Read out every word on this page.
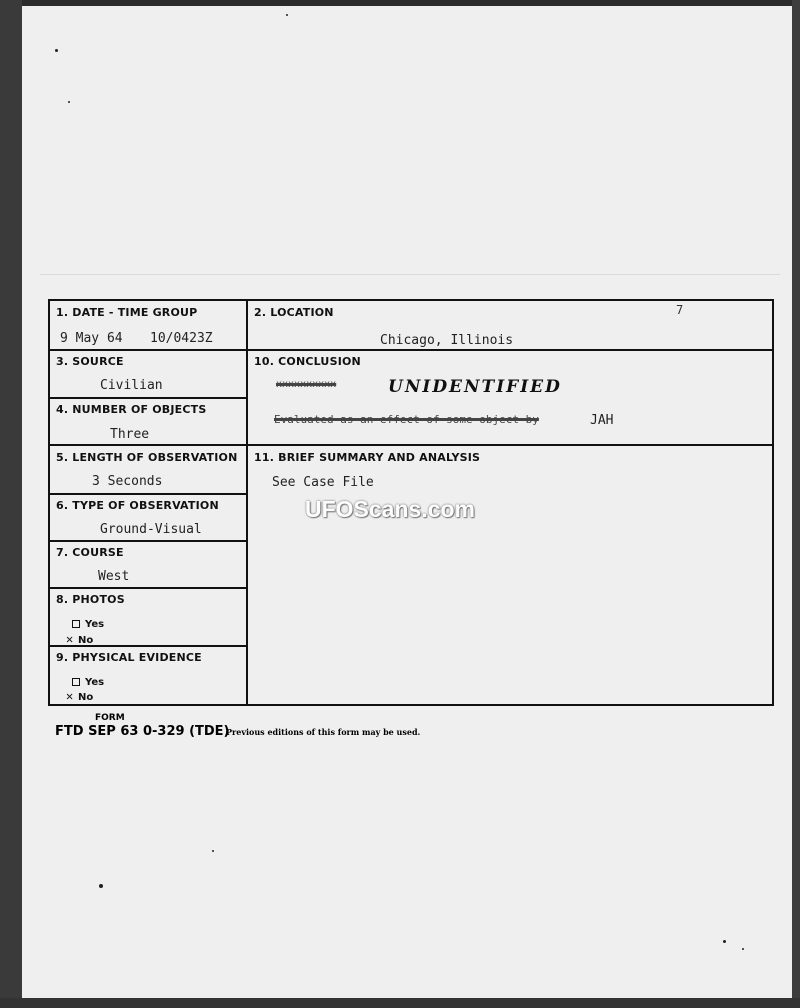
1. DATE - TIME GROUP
9 May 64 10/0423Z
2. LOCATION
Chicago, Illinois
3. SOURCE
Civilian
4. NUMBER OF OBJECTS
Three
10. CONCLUSION
xxxxxxxxxx	UNIDENTIFIED
Evaluated as an effect of some object by	JAH
5. LENGTH OF OBSERVATION
3 Seconds
11. BRIEF SUMMARY AND ANALYSIS
See Case File
6. TYPE OF OBSERVATION
Ground-Visual
7. COURSE
West
8. PHOTOS
Yes
✕ No
9. PHYSICAL EVIDENCE
Yes
✕ No
7
FORM
FTD SEP 63 0-329 (TDE)
Previous editions of this form may be used.
UFOScans.com
